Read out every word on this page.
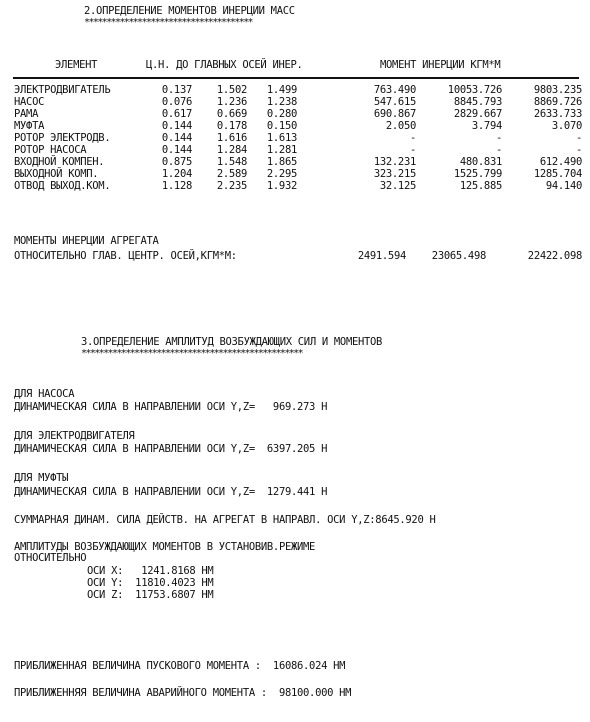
2.ОПРЕДЕЛЕНИЕ МОМЕНТОВ ИНЕРЦИИ МАСС
**************************************
ЭЛЕМЕНТ	Ц.Н. ДО ГЛАВНЫХ ОСЕЙ ИНЕР.	МОМЕНТ ИНЕРЦИИ КГМ*М
ЭЛЕКТРОДВИГАТЕЛЬ	0.137	1.502	1.499	763.490	10053.726	9803.235
НАСОС	0.076	1.236	1.238	547.615	8845.793	8869.726
РАМА	0.617	0.669	0.280	690.867	2829.667	2633.733
МУФТА	0.144	0.178	0.150	2.050	3.794	3.070
РОТОР ЭЛЕКТРОДВ.	0.144	1.616	1.613	-	-	-
РОТОР НАСОСА	0.144	1.284	1.281	-	-	-
ВХОДНОЙ КОМПЕН.	0.875	1.548	1.865	132.231	480.831	612.490
ВЫХОДНОЙ КОМП.	1.204	2.589	2.295	323.215	1525.799	1285.704
ОТВОД ВЫХОД.КОМ.	1.128	2.235	1.932	32.125	125.885	94.140
МОМЕНТЫ ИНЕРЦИИ АГРЕГАТА
ОТНОСИТЕЛЬНО ГЛАВ. ЦЕНТР. ОСЕЙ,КГМ*М:	2491.594	23065.498	22422.098
3.ОПРЕДЕЛЕНИЕ АМПЛИТУД ВОЗБУЖДАЮЩИХ СИЛ И МОМЕНТОВ
**************************************************
ДЛЯ НАСОСА
ДИНАМИЧЕСКАЯ СИЛА В НАПРАВЛЕНИИ ОСИ Y,Z=   969.273 Н
ДЛЯ ЭЛЕКТРОДВИГАТЕЛЯ
ДИНАМИЧЕСКАЯ СИЛА В НАПРАВЛЕНИИ ОСИ Y,Z=  6397.205 Н
ДЛЯ МУФТЫ
ДИНАМИЧЕСКАЯ СИЛА В НАПРАВЛЕНИИ ОСИ Y,Z=  1279.441 Н
СУММАРНАЯ ДИНАМ. СИЛА ДЕЙСТВ. НА АГРЕГАТ В НАПРАВЛ. ОСИ Y,Z:8645.920 Н
АМПЛИТУДЫ ВОЗБУЖДАЮЩИХ МОМЕНТОВ В УСТАНОВИВ.РЕЖИМЕ
ОТНОСИТЕЛЬНО
ОСИ X:   1241.8168 НМ
ОСИ Y:  11810.4023 НМ
ОСИ Z:  11753.6807 НМ
ПРИБЛИЖЕННАЯ ВЕЛИЧИНА ПУСКОВОГО МОМЕНТА :  16086.024 НМ
ПРИБЛИЖЕННЯЯ ВЕЛИЧИНА АВАРИЙНОГО МОМЕНТА :  98100.000 НМ
